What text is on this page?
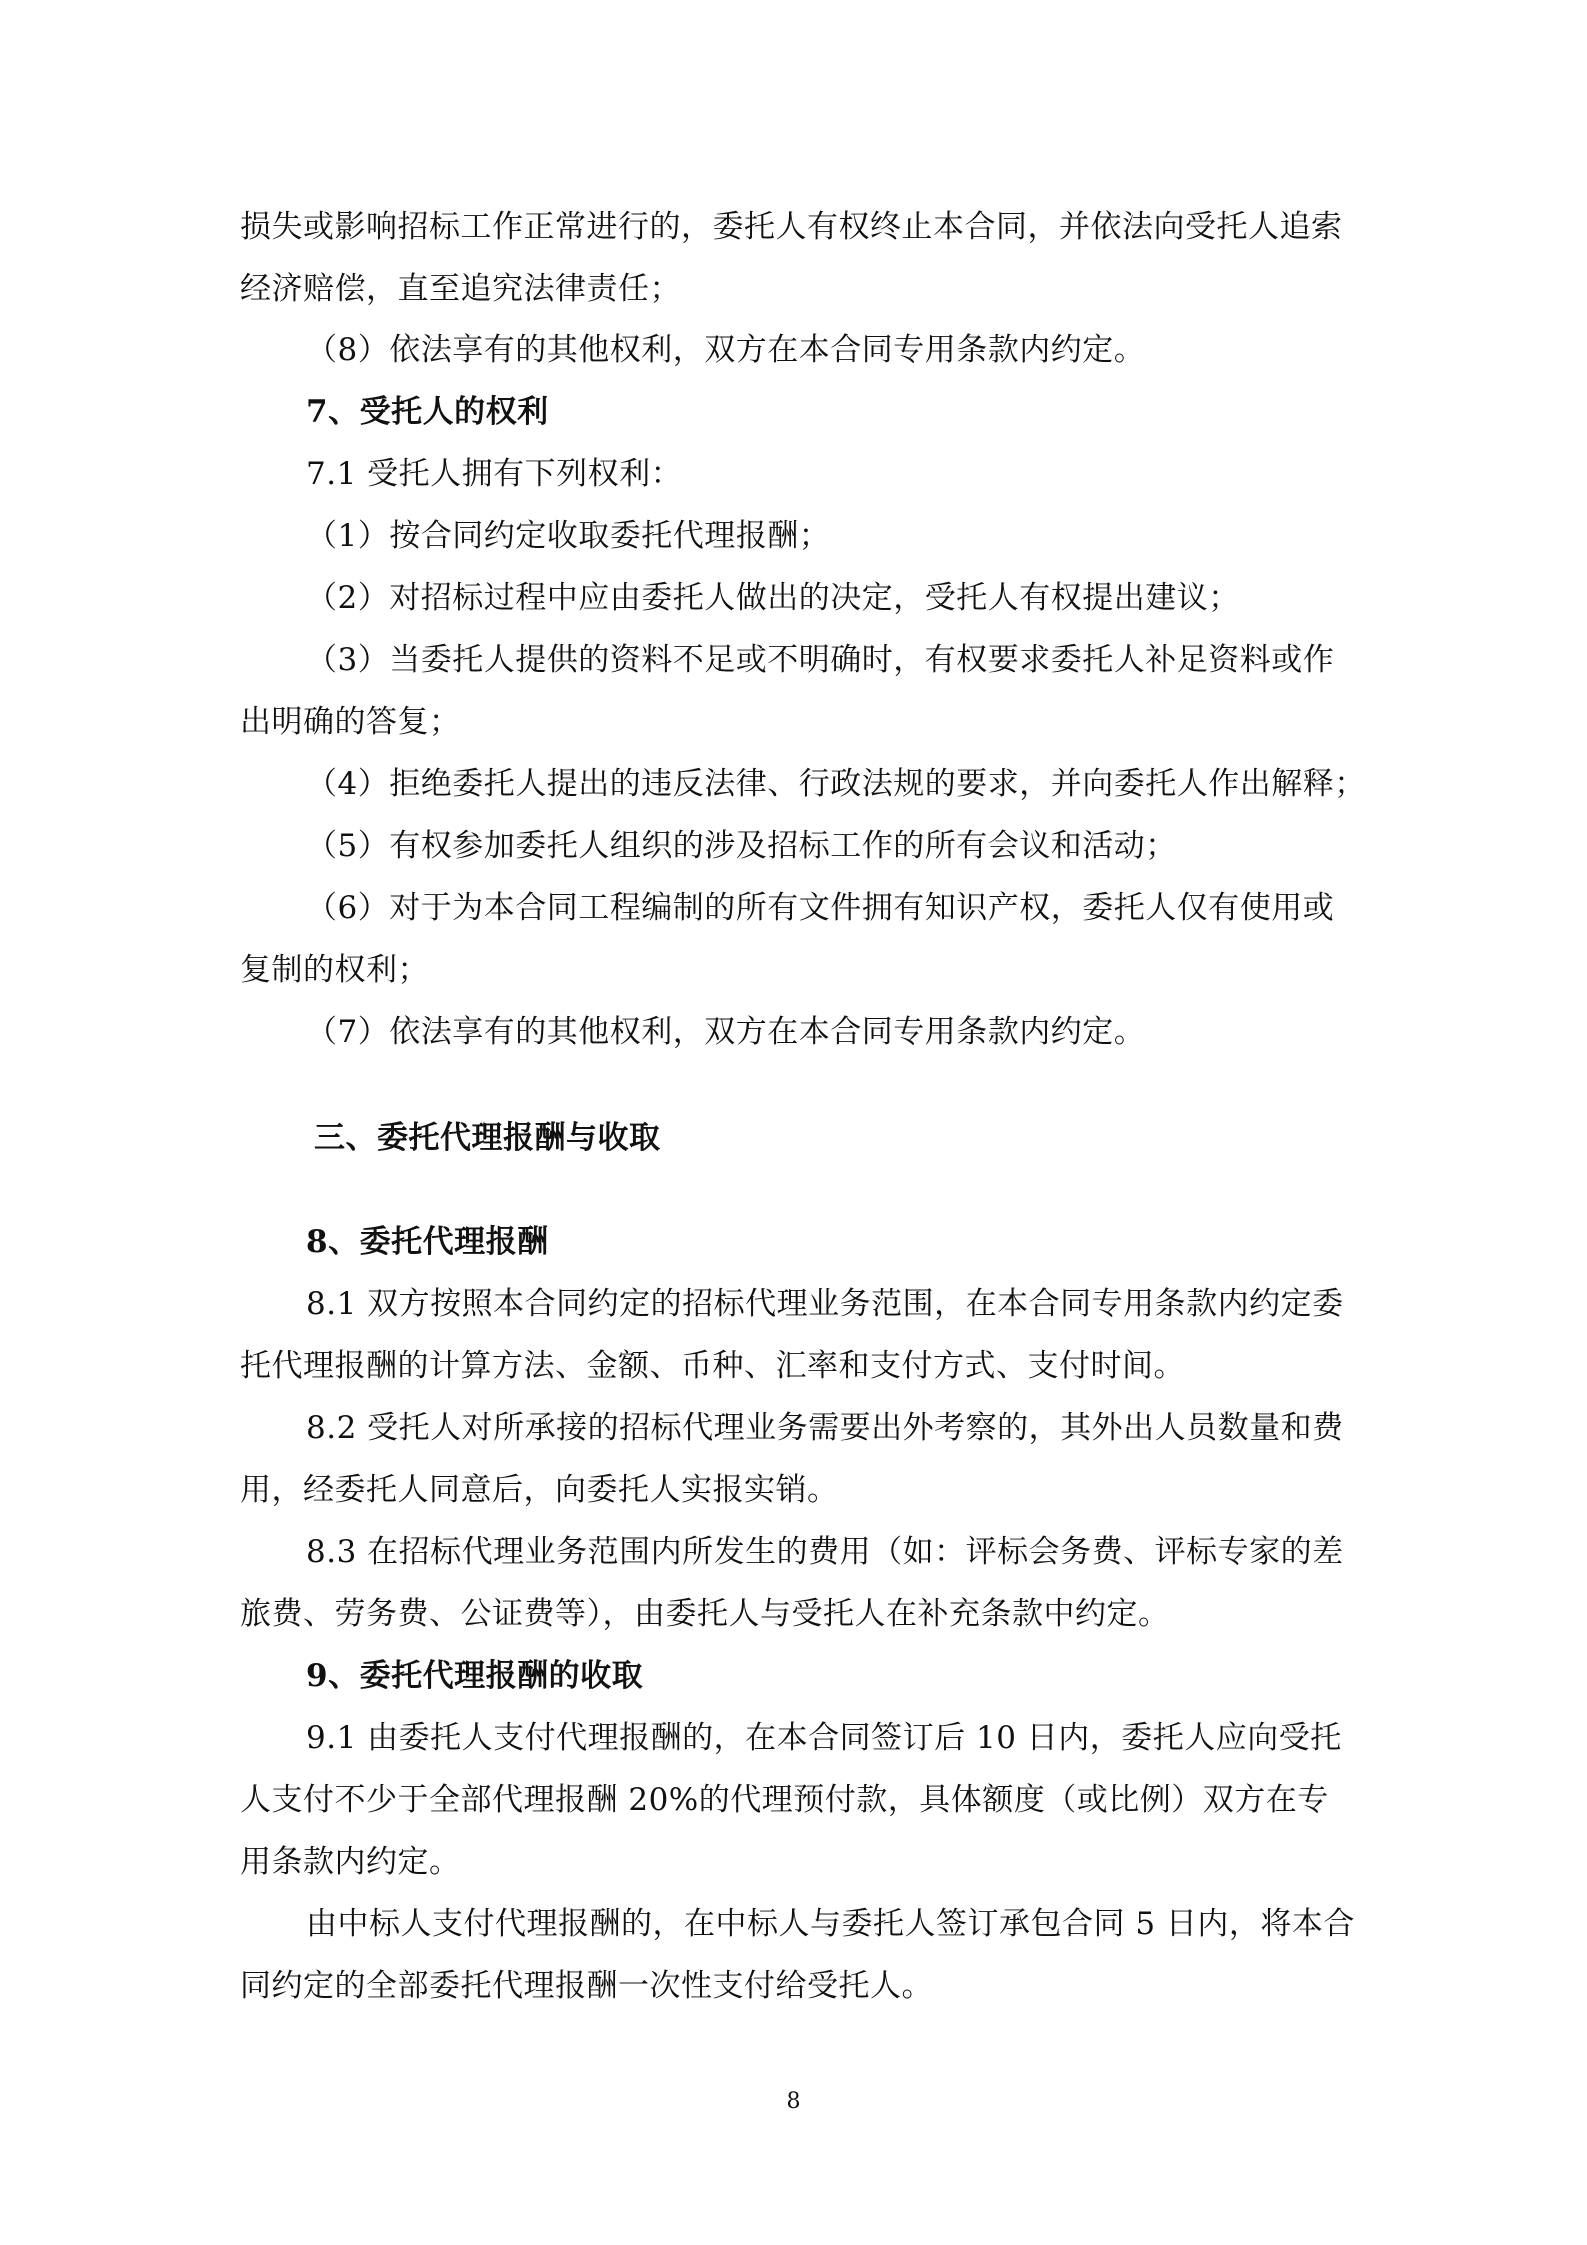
损失或影响招标工作正常进行的，委托人有权终止本合同，并依法向受托人追索

经济赔偿，直至追究法律责任；

（8）依法享有的其他权利，双方在本合同专用条款内约定。

7、受托人的权利

7.1 受托人拥有下列权利：

（1）按合同约定收取委托代理报酬；

（2）对招标过程中应由委托人做出的决定，受托人有权提出建议；

（3）当委托人提供的资料不足或不明确时，有权要求委托人补足资料或作

出明确的答复；

（4）拒绝委托人提出的违反法律、行政法规的要求，并向委托人作出解释；

（5）有权参加委托人组织的涉及招标工作的所有会议和活动；

（6）对于为本合同工程编制的所有文件拥有知识产权，委托人仅有使用或

复制的权利；

（7）依法享有的其他权利，双方在本合同专用条款内约定。

三、委托代理报酬与收取

8、委托代理报酬

8.1 双方按照本合同约定的招标代理业务范围，在本合同专用条款内约定委

托代理报酬的计算方法、金额、币种、汇率和支付方式、支付时间。

8.2 受托人对所承接的招标代理业务需要出外考察的，其外出人员数量和费

用，经委托人同意后，向委托人实报实销。

8.3 在招标代理业务范围内所发生的费用（如：评标会务费、评标专家的差

旅费、劳务费、公证费等），由委托人与受托人在补充条款中约定。

9、委托代理报酬的收取

9.1 由委托人支付代理报酬的，在本合同签订后 10 日内，委托人应向受托

人支付不少于全部代理报酬 20%的代理预付款，具体额度（或比例）双方在专

用条款内约定。

由中标人支付代理报酬的，在中标人与委托人签订承包合同 5 日内，将本合

同约定的全部委托代理报酬一次性支付给受托人。

8
